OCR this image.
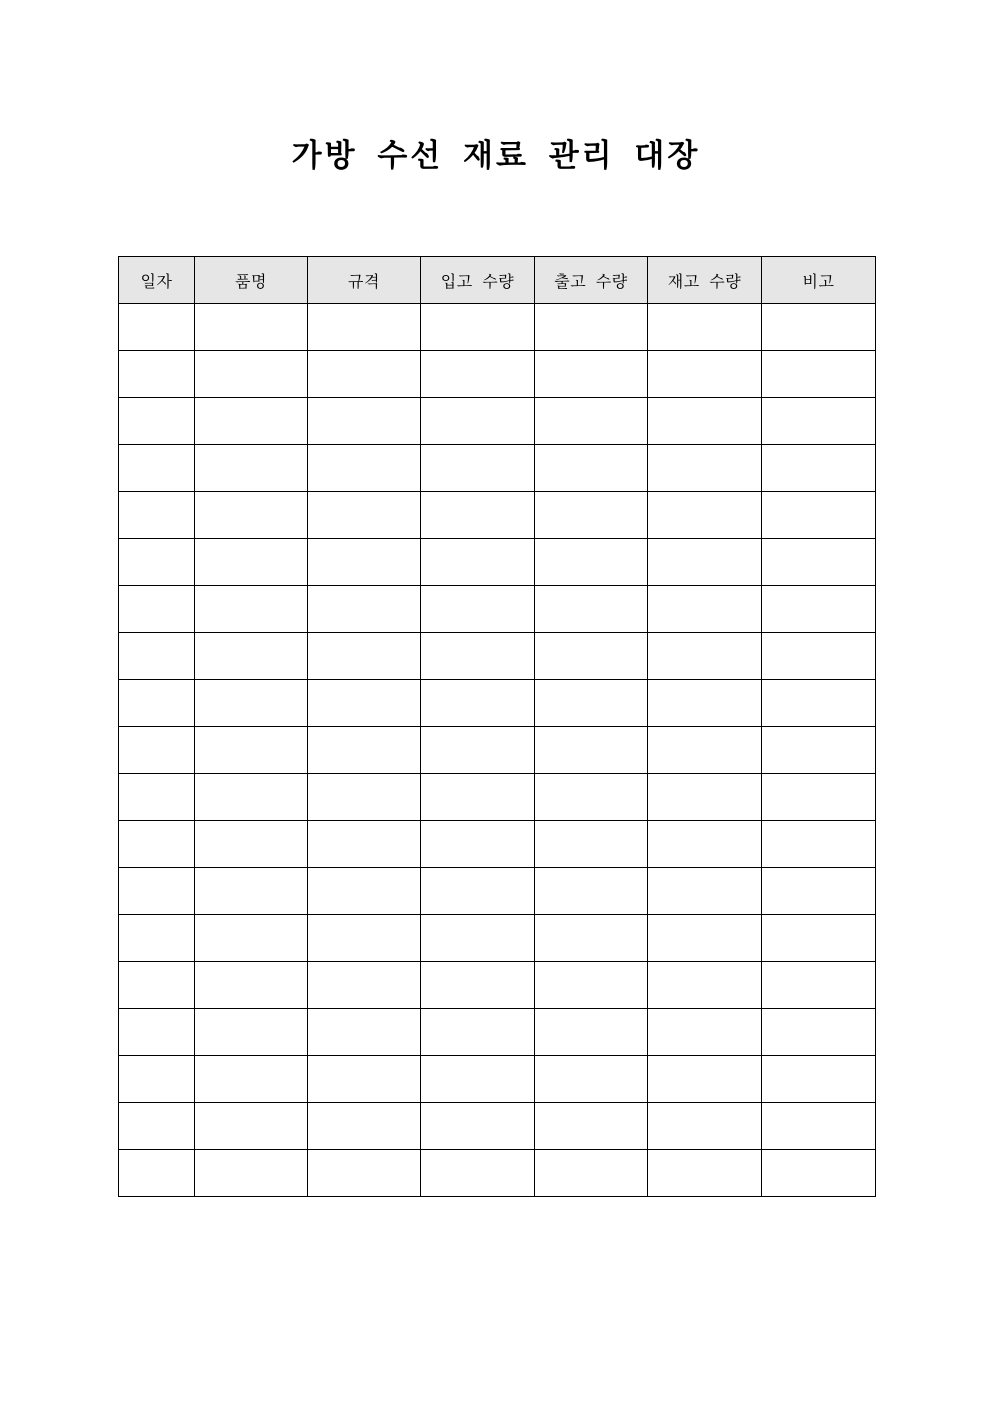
가방 수선 재료 관리 대장
일자	품명	규격	입고 수량	출고 수량	재고 수량	비고
